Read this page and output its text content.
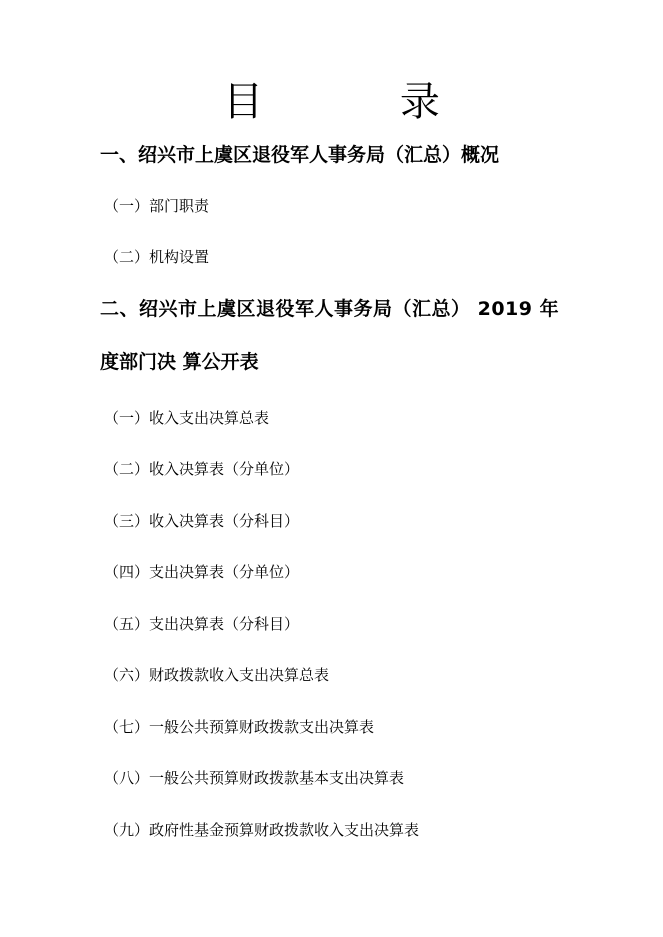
目 录
一、绍兴市上虞区退役军人事务局（汇总）概况
（一）部门职责
（二）机构设置
二、绍兴市上虞区退役军人事务局（汇总） 2019 年
度部门决 算公开表
（一）收入支出决算总表
（二）收入决算表（分单位）
（三）收入决算表（分科目）
（四）支出决算表（分单位）
（五）支出决算表（分科目）
（六）财政拨款收入支出决算总表
（七）一般公共预算财政拨款支出决算表
（八）一般公共预算财政拨款基本支出决算表
（九）政府性基金预算财政拨款收入支出决算表
